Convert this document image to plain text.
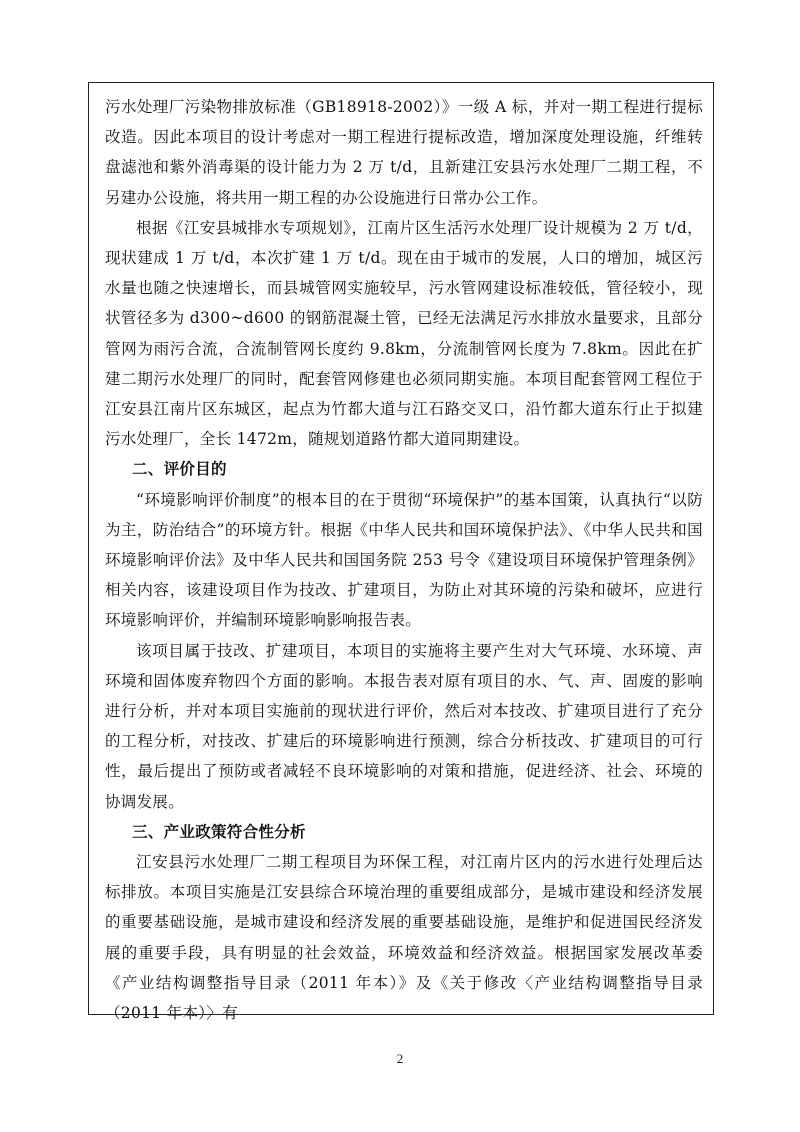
污水处理厂污染物排放标准（GB18918-2002）》一级 A 标，并对一期工程进行提标改造。因此本项目的设计考虑对一期工程进行提标改造，增加深度处理设施，纤维转盘滤池和紫外消毒渠的设计能力为 2 万 t/d，且新建江安县污水处理厂二期工程，不另建办公设施，将共用一期工程的办公设施进行日常办公工作。

根据《江安县城排水专项规划》，江南片区生活污水处理厂设计规模为 2 万 t/d，现状建成 1 万 t/d，本次扩建 1 万 t/d。现在由于城市的发展，人口的增加，城区污水量也随之快速增长，而县城管网实施较早，污水管网建设标准较低，管径较小，现状管径多为 d300~d600 的钢筋混凝土管，已经无法满足污水排放水量要求，且部分管网为雨污合流，合流制管网长度约 9.8km，分流制管网长度为 7.8km。因此在扩建二期污水处理厂的同时，配套管网修建也必须同期实施。本项目配套管网工程位于江安县江南片区东城区，起点为竹都大道与江石路交叉口，沿竹都大道东行止于拟建污水处理厂，全长 1472m，随规划道路竹都大道同期建设。

二、评价目的

“环境影响评价制度”的根本目的在于贯彻“环境保护”的基本国策，认真执行“以防为主，防治结合”的环境方针。根据《中华人民共和国环境保护法》、《中华人民共和国环境影响评价法》及中华人民共和国国务院 253 号令《建设项目环境保护管理条例》相关内容，该建设项目作为技改、扩建项目，为防止对其环境的污染和破坏，应进行环境影响评价，并编制环境影响影响报告表。

该项目属于技改、扩建项目，本项目的实施将主要产生对大气环境、水环境、声环境和固体废弃物四个方面的影响。本报告表对原有项目的水、气、声、固废的影响进行分析，并对本项目实施前的现状进行评价，然后对本技改、扩建项目进行了充分的工程分析，对技改、扩建后的环境影响进行预测，综合分析技改、扩建项目的可行性，最后提出了预防或者减轻不良环境影响的对策和措施，促进经济、社会、环境的协调发展。

三、产业政策符合性分析

江安县污水处理厂二期工程项目为环保工程，对江南片区内的污水进行处理后达标排放。本项目实施是江安县综合环境治理的重要组成部分，是城市建设和经济发展的重要基础设施，是城市建设和经济发展的重要基础设施，是维护和促进国民经济发展的重要手段，具有明显的社会效益，环境效益和经济效益。根据国家发展改革委《产业结构调整指导目录（2011 年本）》及《关于修改〈产业结构调整指导目录（2011 年本）〉有

2
